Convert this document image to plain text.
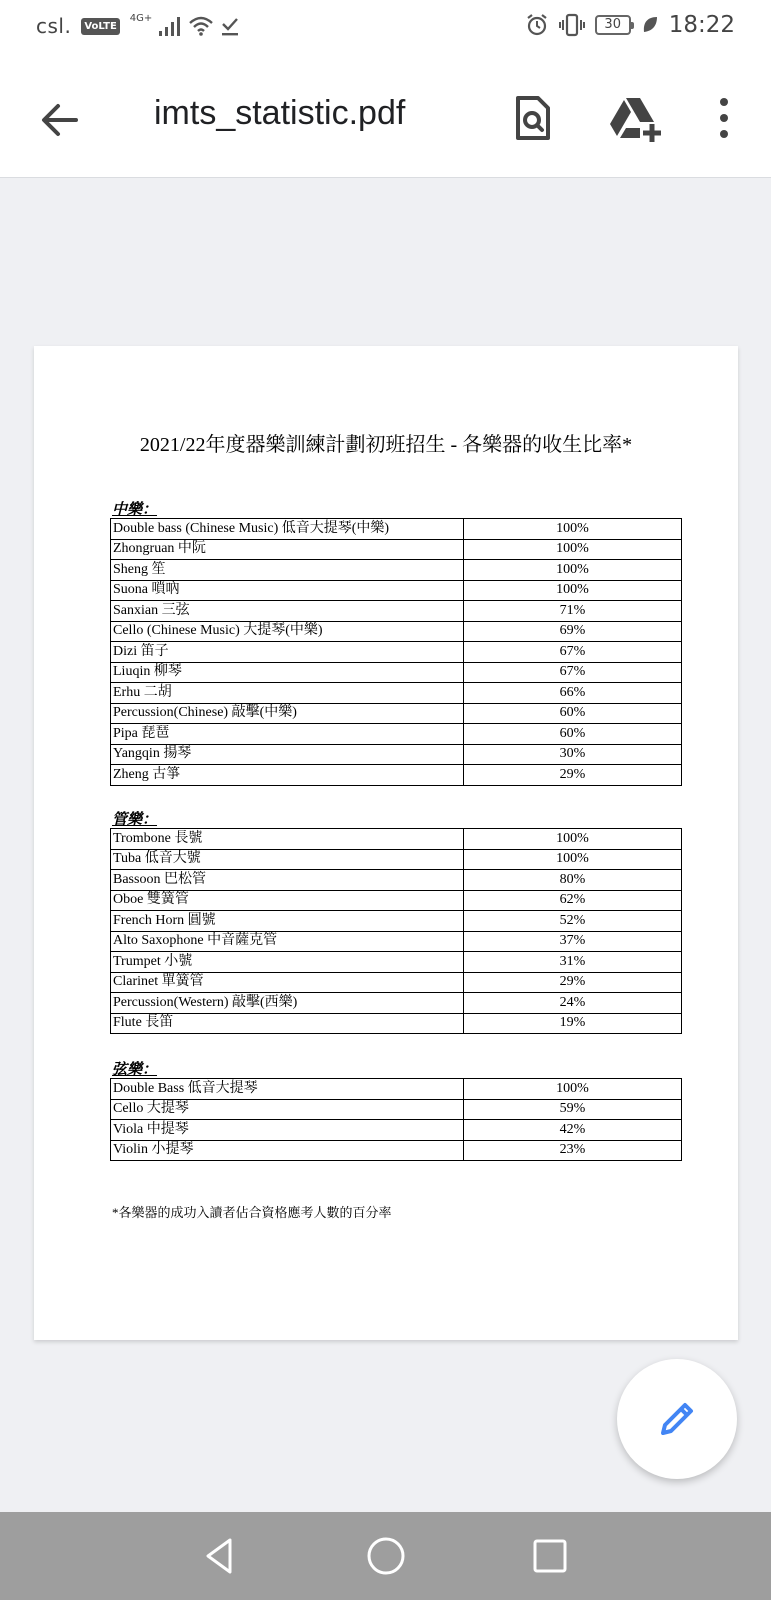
csl.	VoLTE
4G+	30	18:22
imts_statistic.pdf
2021/22年度器樂訓練計劃初班招生 - 各樂器的收生比率*
中樂：
Double bass (Chinese Music) 低音大提琴(中樂)	100%
Zhongruan 中阮	100%
Sheng 笙	100%
Suona 嗩吶	100%
Sanxian 三弦	71%
Cello (Chinese Music) 大提琴(中樂)	69%
Dizi 笛子	67%
Liuqin 柳琴	67%
Erhu 二胡	66%
Percussion(Chinese) 敲擊(中樂)	60%
Pipa 琵琶	60%
Yangqin 揚琴	30%
Zheng 古箏	29%
管樂：
Trombone 長號	100%
Tuba 低音大號	100%
Bassoon 巴松管	80%
Oboe 雙簧管	62%
French Horn 圓號	52%
Alto Saxophone 中音薩克管	37%
Trumpet 小號	31%
Clarinet 單簧管	29%
Percussion(Western) 敲擊(西樂)	24%
Flute 長笛	19%
弦樂：
Double Bass 低音大提琴	100%
Cello 大提琴	59%
Viola 中提琴	42%
Violin 小提琴	23%
*各樂器的成功入讀者佔合資格應考人數的百分率
